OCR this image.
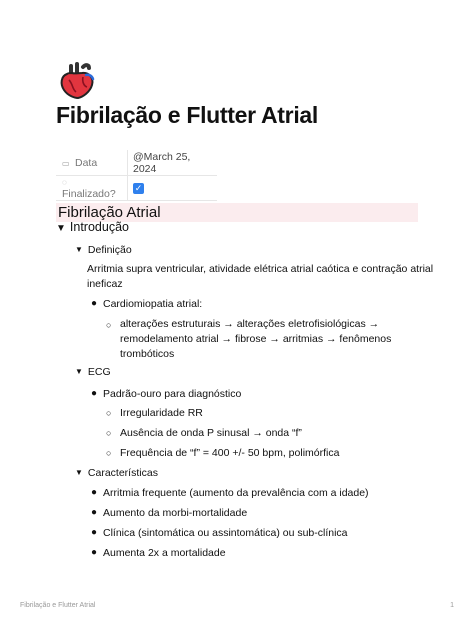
Fibrilação e Flutter Atrial
▭ Data	@March 25, 2024
◌Finalizado?	✓
Fibrilação Atrial
▼ Introdução
▼ Definição
Arritmia supra ventricular, atividade elétrica atrial caótica e contração atrial
ineficaz
● Cardiomiopatia atrial:
○ alterações estruturais → alterações eletrofisiológicas →
remodelamento atrial → fibrose → arritmias → fenômenos
trombóticos
▼ ECG
● Padrão-ouro para diagnóstico
○ Irregularidade RR
○ Ausência de onda P sinusal → onda “f”
○ Frequência de “f” = 400 +/- 50 bpm, polimórfica
▼ Características
● Arritmia frequente (aumento da prevalência com a idade)
● Aumento da morbi-mortalidade
● Clínica (sintomática ou assintomática) ou sub-clínica
● Aumenta 2x a mortalidade
Fibrilação e Flutter Atrial	1
